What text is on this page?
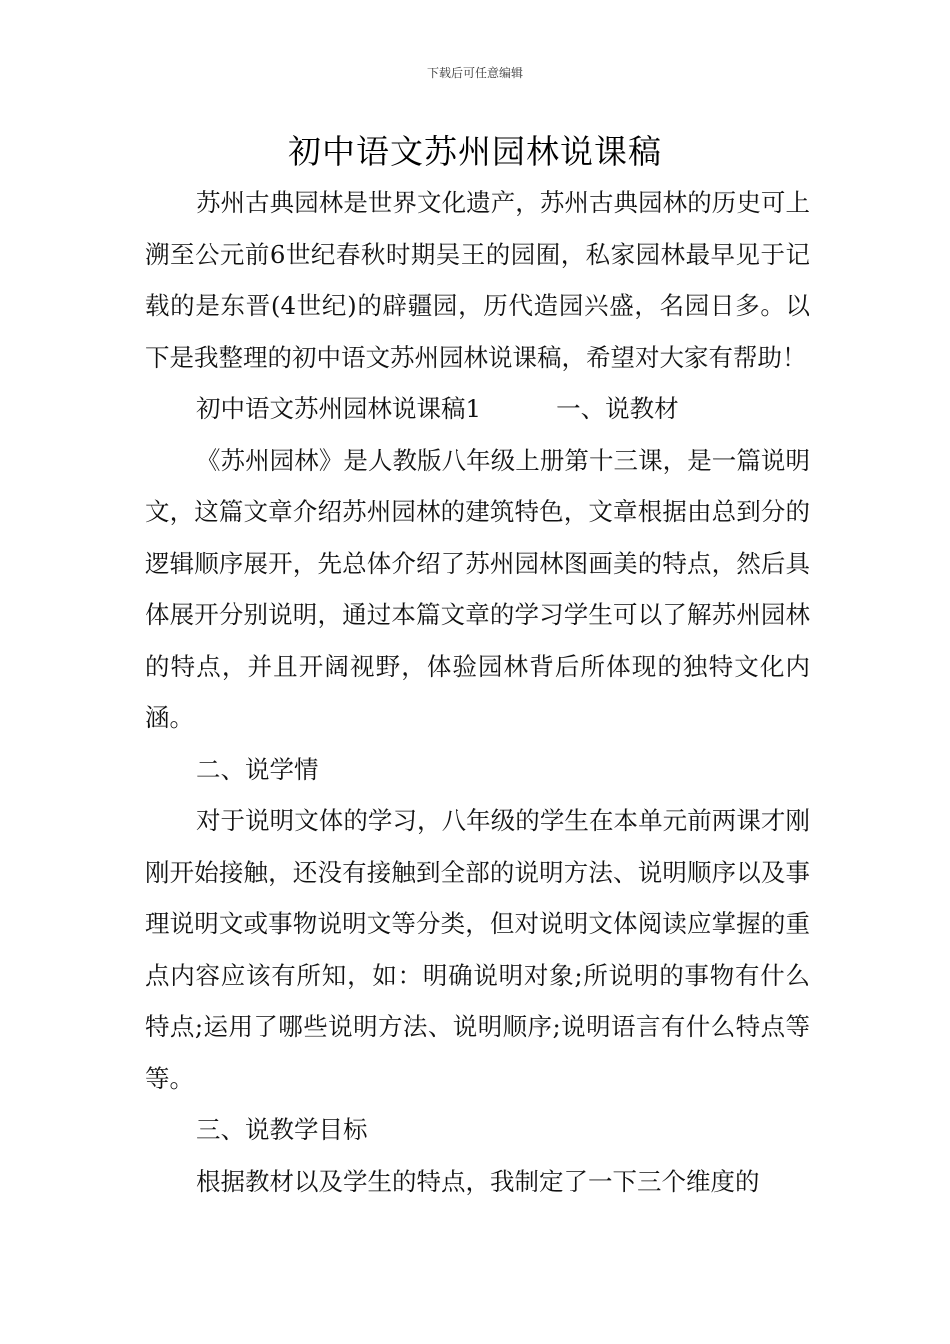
下载后可任意编辑
初中语文苏州园林说课稿

苏州古典园林是世界文化遗产，苏州古典园林的历史可上溯至公元前6世纪春秋时期吴王的园囿，私家园林最早见于记载的是东晋(4世纪)的辟疆园，历代造园兴盛，名园日多。以下是我整理的初中语文苏州园林说课稿，希望对大家有帮助！

初中语文苏州园林说课稿1	一、说教材

《苏州园林》是人教版八年级上册第十三课，是一篇说明文，这篇文章介绍苏州园林的建筑特色，文章根据由总到分的逻辑顺序展开，先总体介绍了苏州园林图画美的特点，然后具体展开分别说明，通过本篇文章的学习学生可以了解苏州园林的特点，并且开阔视野，体验园林背后所体现的独特文化内涵。

二、说学情

对于说明文体的学习，八年级的学生在本单元前两课才刚刚开始接触，还没有接触到全部的说明方法、说明顺序以及事理说明文或事物说明文等分类，但对说明文体阅读应掌握的重点内容应该有所知，如：明确说明对象;所说明的事物有什么特点;运用了哪些说明方法、说明顺序;说明语言有什么特点等等。

三、说教学目标

根据教材以及学生的特点，我制定了一下三个维度的
